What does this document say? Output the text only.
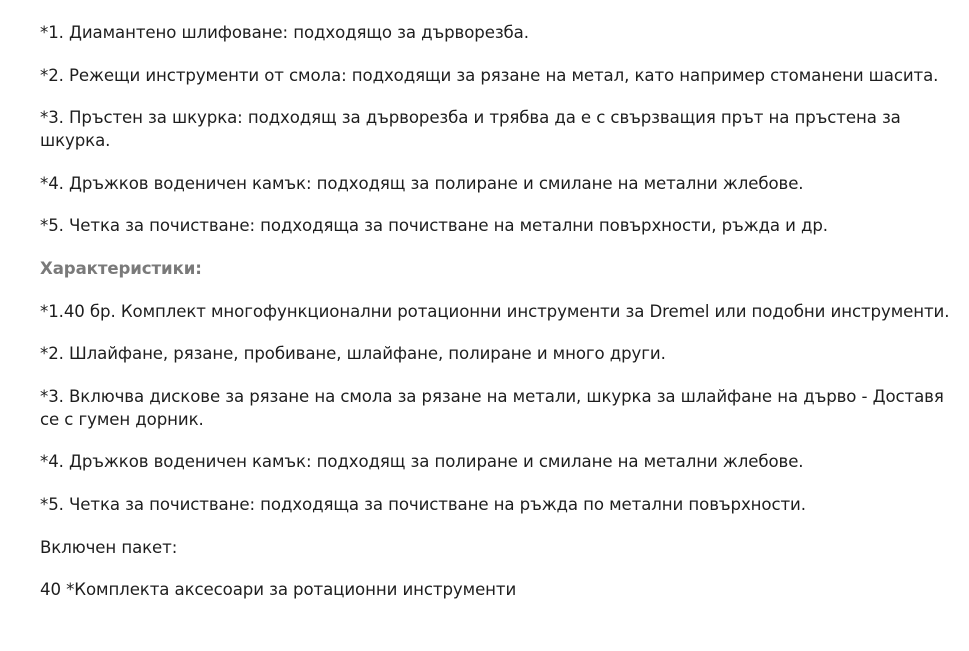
*1. Диамантено шлифоване: подходящо за дърворезба.

*2. Режещи инструменти от смола: подходящи за рязане на метал, като например стоманени шасита.

*3. Пръстен за шкурка: подходящ за дърворезба и трябва да е с свързващия прът на пръстена за шкурка.

*4. Дръжков воденичен камък: подходящ за полиране и смилане на метални жлебове.

*5. Четка за почистване: подходяща за почистване на метални повърхности, ръжда и др.

Характеристики:

*1.40 бр. Комплект многофункционални ротационни инструменти за Dremel или подобни инструменти.

*2. Шлайфане, рязане, пробиване, шлайфане, полиране и много други.

*3. Включва дискове за рязане на смола за рязане на метали, шкурка за шлайфане на дърво - Доставя се с гумен дорник.

*4. Дръжков воденичен камък: подходящ за полиране и смилане на метални жлебове.

*5. Четка за почистване: подходяща за почистване на ръжда по метални повърхности.

Включен пакет:

40 *Комплекта аксесоари за ротационни инструменти
